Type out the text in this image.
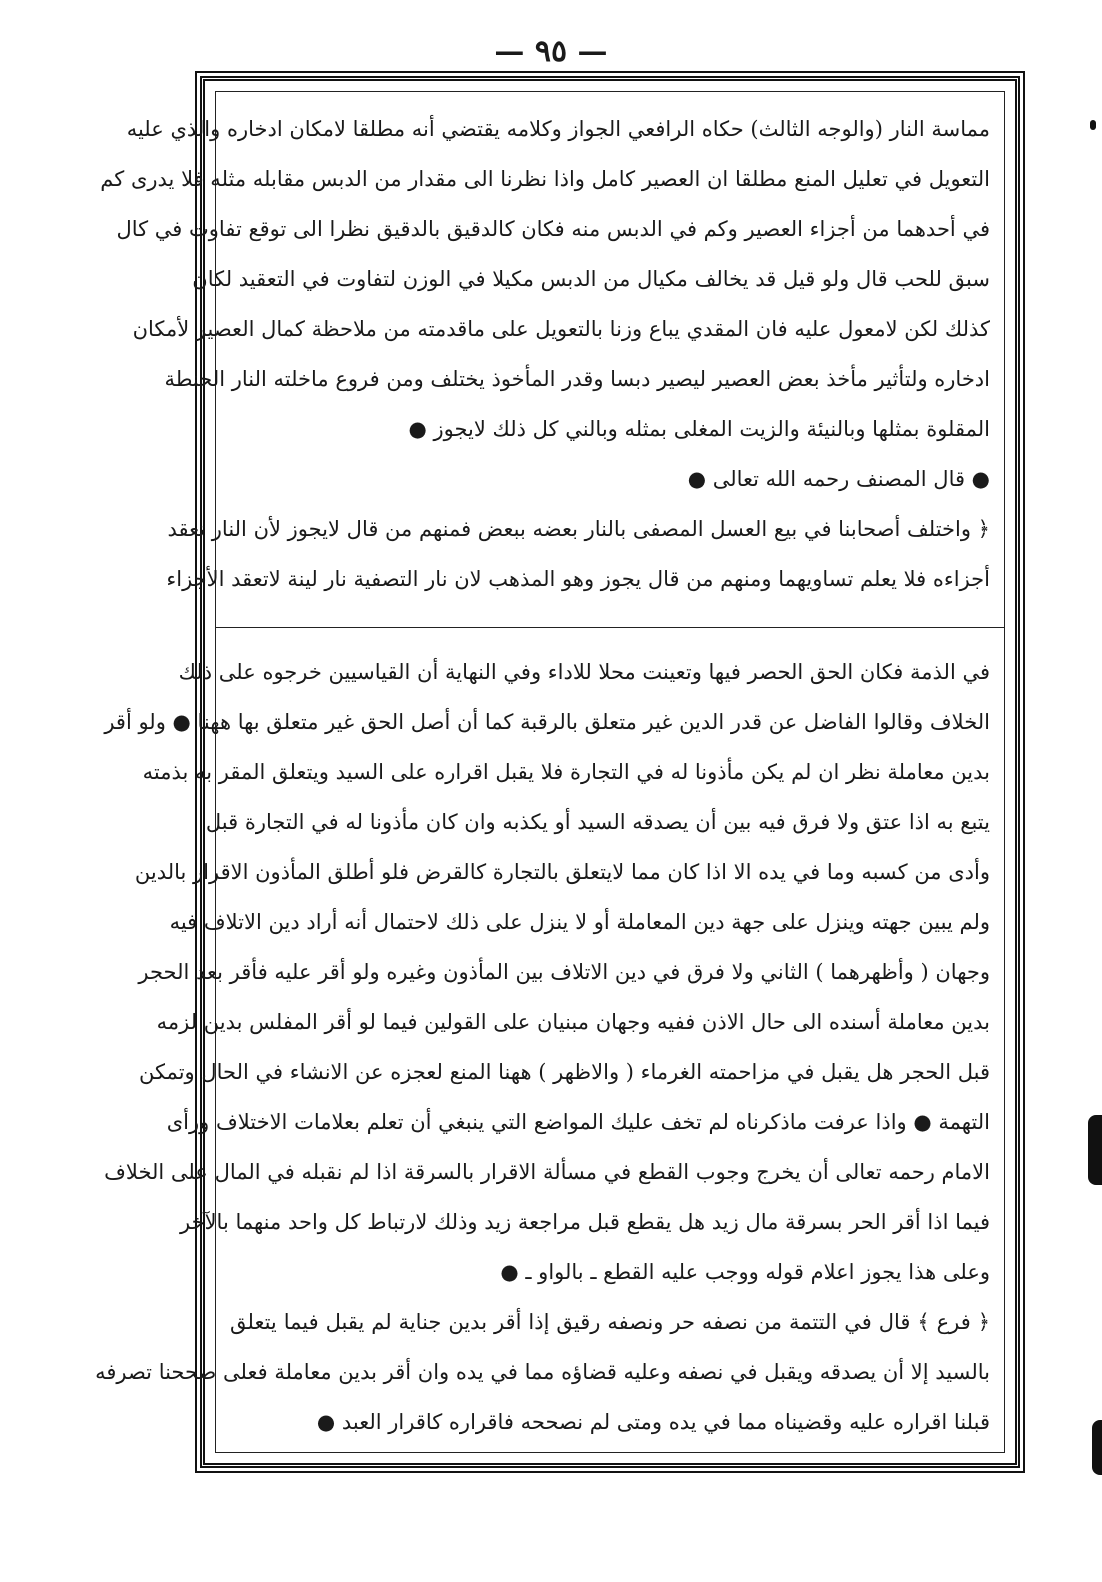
— ٩٥ —
مماسة النار (والوجه الثالث) حكاه الرافعي الجواز وكلامه يقتضي أنه مطلقا لامكان ادخاره والذي عليه
التعويل في تعليل المنع مطلقا ان العصير كامل واذا نظرنا الى مقدار من الدبس مقابله مثله فلا يدرى كم
في أحدهما من أجزاء العصير وكم في الدبس منه فكان كالدقيق بالدقيق نظرا الى توقع تفاوت في كال
سبق للحب قال ولو قيل قد يخالف مكيال من الدبس مكيلا في الوزن لتفاوت في التعقيد لكان
كذلك لكن لامعول عليه فان المقدي يباع وزنا بالتعويل على ماقدمته من ملاحظة كمال العصير لأمكان
ادخاره ولتأثير مأخذ بعض العصير ليصير دبسا وقدر المأخوذ يختلف ومن فروع ماخلته النار الحنطة
المقلوة بمثلها وبالنيئة والزيت المغلى بمثله وبالني كل ذلك لايجوز ●
● قال المصنف رحمه الله تعالى ●
﴿ واختلف أصحابنا في بيع العسل المصفى بالنار بعضه ببعض فمنهم من قال لايجوز لأن النار تعقد
أجزاءه فلا يعلم تساويهما ومنهم من قال يجوز وهو المذهب لان نار التصفية نار لينة لاتعقد الأجزاء
في الذمة فكان الحق الحصر فيها وتعينت محلا للاداء وفي النهاية أن القياسيين خرجوه على ذلك
الخلاف وقالوا الفاضل عن قدر الدين غير متعلق بالرقبة كما أن أصل الحق غير متعلق بها ههنا ● ولو أقر
بدين معاملة نظر ان لم يكن مأذونا له في التجارة فلا يقبل اقراره على السيد ويتعلق المقر به بذمته
يتبع به اذا عتق ولا فرق فيه بين أن يصدقه السيد أو يكذبه وان كان مأذونا له في التجارة قبل
وأدى من كسبه وما في يده الا اذا كان مما لايتعلق بالتجارة كالقرض فلو أطلق المأذون الاقرار بالدين
ولم يبين جهته وينزل على جهة دين المعاملة أو لا ينزل على ذلك لاحتمال أنه أراد دين الاتلاف فيه
وجهان ( وأظهرهما ) الثاني ولا فرق في دين الاتلاف بين المأذون وغيره ولو أقر عليه فأقر بعد الحجر
بدين معاملة أسنده الى حال الاذن ففيه وجهان مبنيان على القولين فيما لو أقر المفلس بدين لزمه
قبل الحجر هل يقبل في مزاحمته الغرماء ( والاظهر ) ههنا المنع لعجزه عن الانشاء في الحال وتمكن
التهمة ● واذا عرفت ماذكرناه لم تخف عليك المواضع التي ينبغي أن تعلم بعلامات الاختلاف ورأى
الامام رحمه تعالى أن يخرج وجوب القطع في مسألة الاقرار بالسرقة اذا لم نقبله في المال على الخلاف
فيما اذا أقر الحر بسرقة مال زيد هل يقطع قبل مراجعة زيد وذلك لارتباط كل واحد منهما بالآخر
وعلى هذا يجوز اعلام قوله ووجب عليه القطع ـ بالواو ـ ●
﴿ فرع ﴾ قال في التتمة من نصفه حر ونصفه رقيق إذا أقر بدين جناية لم يقبل فيما يتعلق
بالسيد إلا أن يصدقه ويقبل في نصفه وعليه قضاؤه مما في يده وان أقر بدين معاملة فعلى صححنا تصرفه
قبلنا اقراره عليه وقضيناه مما في يده ومتى لم نصححه فاقراره كاقرار العبد ●
